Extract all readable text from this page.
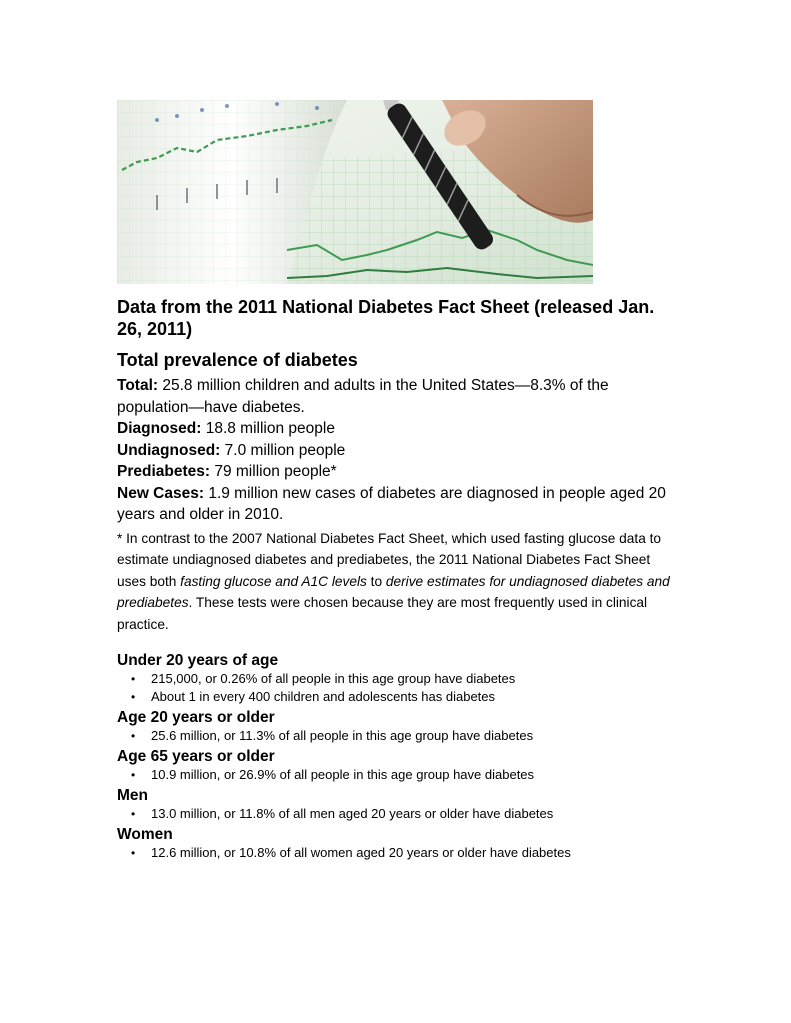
Data from the 2011 National Diabetes Fact Sheet (released Jan. 26, 2011)
Total prevalence of diabetes
Total: 25.8 million children and adults in the United States—8.3% of the population—have diabetes.
Diagnosed: 18.8 million people
Undiagnosed: 7.0 million people
Prediabetes: 79 million people*
New Cases: 1.9 million new cases of diabetes are diagnosed in people aged 20 years and older in 2010.
* In contrast to the 2007 National Diabetes Fact Sheet, which used fasting glucose data to estimate undiagnosed diabetes and prediabetes, the 2011 National Diabetes Fact Sheet uses both fasting glucose and A1C levels to derive estimates for undiagnosed diabetes and prediabetes. These tests were chosen because they are most frequently used in clinical practice.
Under 20 years of age
• 215,000, or 0.26% of all people in this age group have diabetes
• About 1 in every 400 children and adolescents has diabetes
Age 20 years or older
• 25.6 million, or 11.3% of all people in this age group have diabetes
Age 65 years or older
• 10.9 million, or 26.9% of all people in this age group have diabetes
Men
• 13.0 million, or 11.8% of all men aged 20 years or older have diabetes
Women
• 12.6 million, or 10.8% of all women aged 20 years or older have diabetes
